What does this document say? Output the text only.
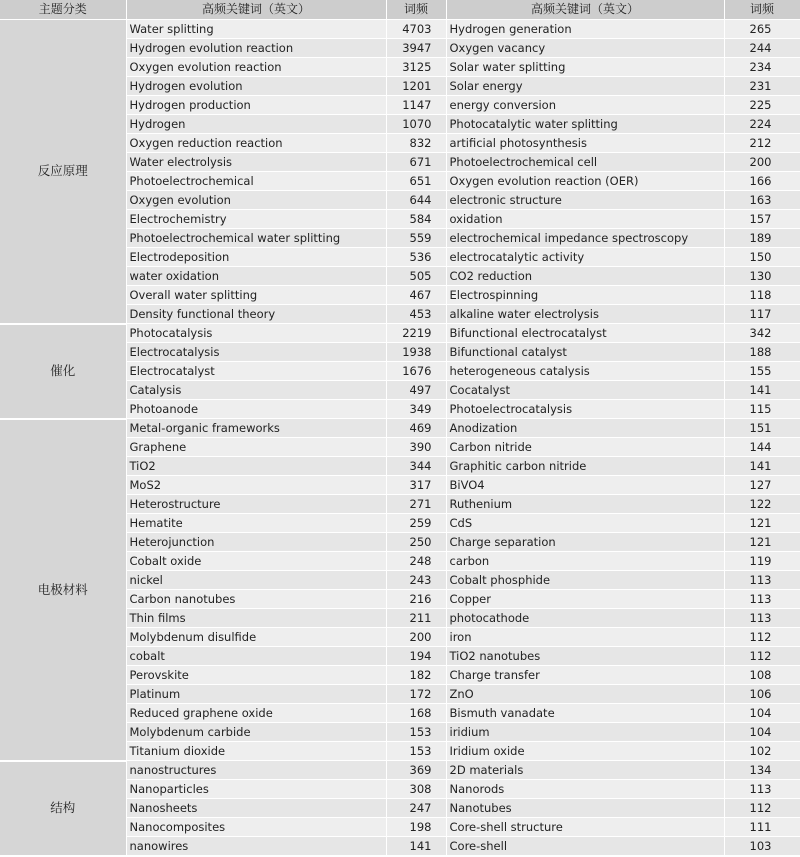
主题分类	高频关键词（英文）	词频	高频关键词（英文）	词频
反应原理	Water splitting	4703	Hydrogen generation	265
	Hydrogen evolution reaction	3947	Oxygen vacancy	244
	Oxygen evolution reaction	3125	Solar water splitting	234
	Hydrogen evolution	1201	Solar energy	231
	Hydrogen production	1147	energy conversion	225
	Hydrogen	1070	Photocatalytic water splitting	224
	Oxygen reduction reaction	832	artificial photosynthesis	212
	Water electrolysis	671	Photoelectrochemical cell	200
	Photoelectrochemical	651	Oxygen evolution reaction (OER)	166
	Oxygen evolution	644	electronic structure	163
	Electrochemistry	584	oxidation	157
	Photoelectrochemical water splitting	559	electrochemical impedance spectroscopy	189
	Electrodeposition	536	electrocatalytic activity	150
	water oxidation	505	CO2 reduction	130
	Overall water splitting	467	Electrospinning	118
	Density functional theory	453	alkaline water electrolysis	117
催化	Photocatalysis	2219	Bifunctional electrocatalyst	342
	Electrocatalysis	1938	Bifunctional catalyst	188
	Electrocatalyst	1676	heterogeneous catalysis	155
	Catalysis	497	Cocatalyst	141
	Photoanode	349	Photoelectrocatalysis	115
电极材料	Metal-organic frameworks	469	Anodization	151
	Graphene	390	Carbon nitride	144
	TiO2	344	Graphitic carbon nitride	141
	MoS2	317	BiVO4	127
	Heterostructure	271	Ruthenium	122
	Hematite	259	CdS	121
	Heterojunction	250	Charge separation	121
	Cobalt oxide	248	carbon	119
	nickel	243	Cobalt phosphide	113
	Carbon nanotubes	216	Copper	113
	Thin films	211	photocathode	113
	Molybdenum disulfide	200	iron	112
	cobalt	194	TiO2 nanotubes	112
	Perovskite	182	Charge transfer	108
	Platinum	172	ZnO	106
	Reduced graphene oxide	168	Bismuth vanadate	104
	Molybdenum carbide	153	iridium	104
	Titanium dioxide	153	Iridium oxide	102
结构	nanostructures	369	2D materials	134
	Nanoparticles	308	Nanorods	113
	Nanosheets	247	Nanotubes	112
	Nanocomposites	198	Core-shell structure	111
	nanowires	141	Core-shell	103
